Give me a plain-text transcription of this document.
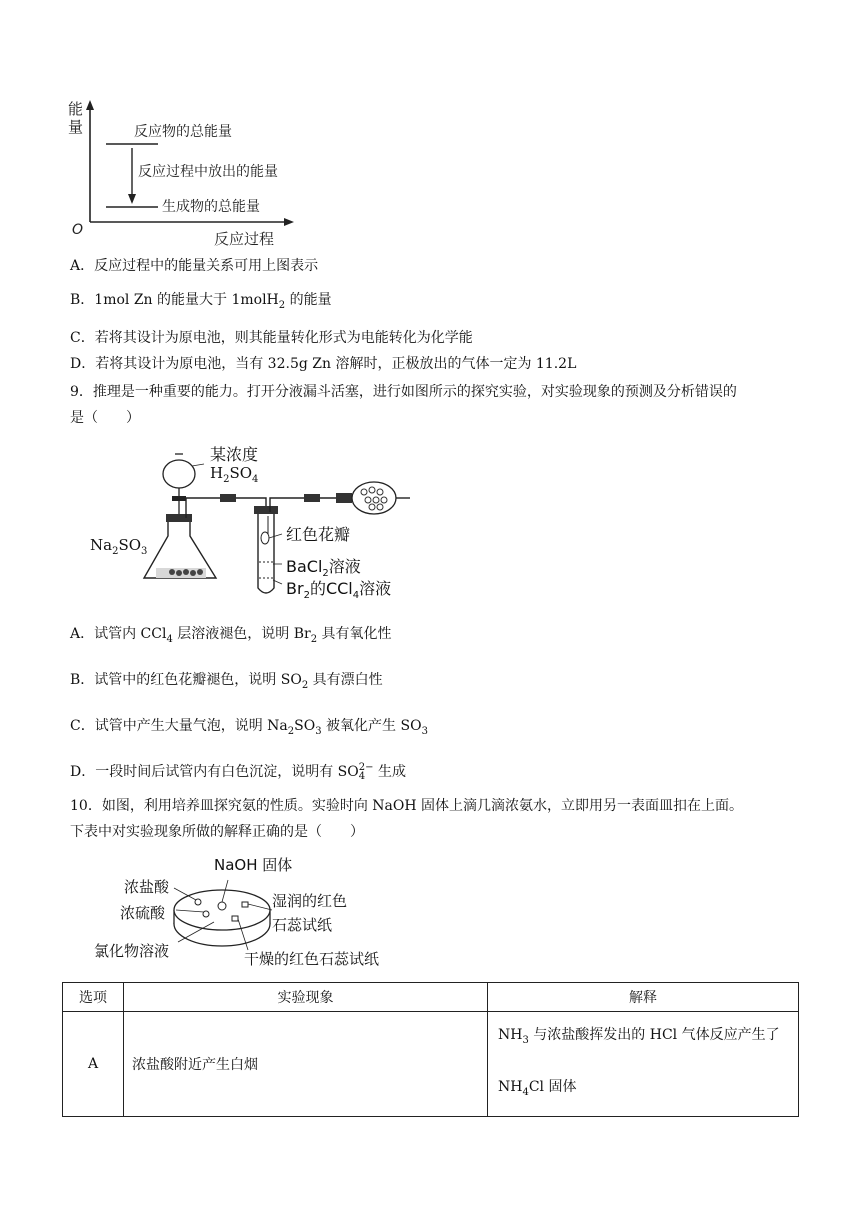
能
量
O	反应过程
反应物的总能量
反应过程中放出的能量
生成物的总能量
A．反应过程中的能量关系可用上图表示
B．1mol Zn 的能量大于 1molH$_2$ 的能量
C．若将其设计为原电池，则其能量转化形式为电能转化为化学能
D．若将其设计为原电池，当有 32.5g Zn 溶解时，正极放出的气体一定为 11.2L
9．推理是一种重要的能力。打开分液漏斗活塞，进行如图所示的探究实验，对实验现象的预测及分析错误的
是（　　）
某浓度
$H_2SO_4$
$Na_2SO_3$
红色花瓣
BaCl$_2$溶液
$Br_2$的CCl$_4$溶液
A．试管内 CCl$_4$ 层溶液褪色，说明 $Br_2$ 具有氧化性
B．试管中的红色花瓣褪色，说明 $SO_2$ 具有漂白性
C．试管中产生大量气泡，说明 $Na_2SO_3$ 被氧化产生 $SO_3$
D．一段时间后试管内有白色沉淀，说明有 SO 2−
4 生成
10．如图，利用培养皿探究氨的性质。实验时向 NaOH 固体上滴几滴浓氨水，立即用另一表面皿扣在上面。
下表中对实验现象所做的解释正确的是（　　）
NaOH 固体
浓盐酸
浓硫酸
氯化物溶液
湿润的红色
石蕊试纸
干燥的红色石蕊试纸
选项	实验现象	解释
A	浓盐酸附近产生白烟	$NH_3$ 与浓盐酸挥发出的 HCl 气体反应产生了
$NH_4Cl$ 固体
